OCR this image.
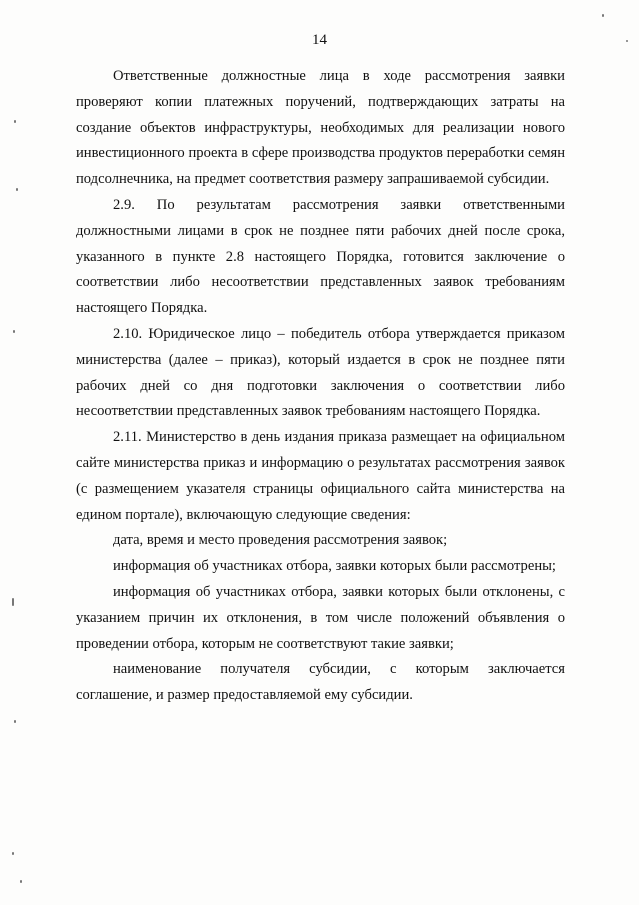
14

Ответственные должностные лица в ходе рассмотрения заявки проверяют копии платежных поручений, подтверждающих затраты на создание объектов инфраструктуры, необходимых для реализации нового инвестиционного проекта в сфере производства продуктов переработки семян подсолнечника, на предмет соответствия размеру запрашиваемой субсидии.

2.9. По результатам рассмотрения заявки ответственными должностными лицами в срок не позднее пяти рабочих дней после срока, указанного в пункте 2.8 настоящего Порядка, готовится заключение о соответствии либо несоответствии представленных заявок требованиям настоящего Порядка.

2.10. Юридическое лицо – победитель отбора утверждается приказом министерства (далее – приказ), который издается в срок не позднее пяти рабочих дней со дня подготовки заключения о соответствии либо несоответствии представленных заявок требованиям настоящего Порядка.

2.11. Министерство в день издания приказа размещает на официальном сайте министерства приказ и информацию о результатах рассмотрения заявок (с размещением указателя страницы официального сайта министерства на едином портале), включающую следующие сведения:

дата, время и место проведения рассмотрения заявок;

информация об участниках отбора, заявки которых были рассмотрены;

информация об участниках отбора, заявки которых были отклонены, с указанием причин их отклонения, в том числе положений объявления о проведении отбора, которым не соответствуют такие заявки;

наименование получателя субсидии, с которым заключается соглашение, и размер предоставляемой ему субсидии.
